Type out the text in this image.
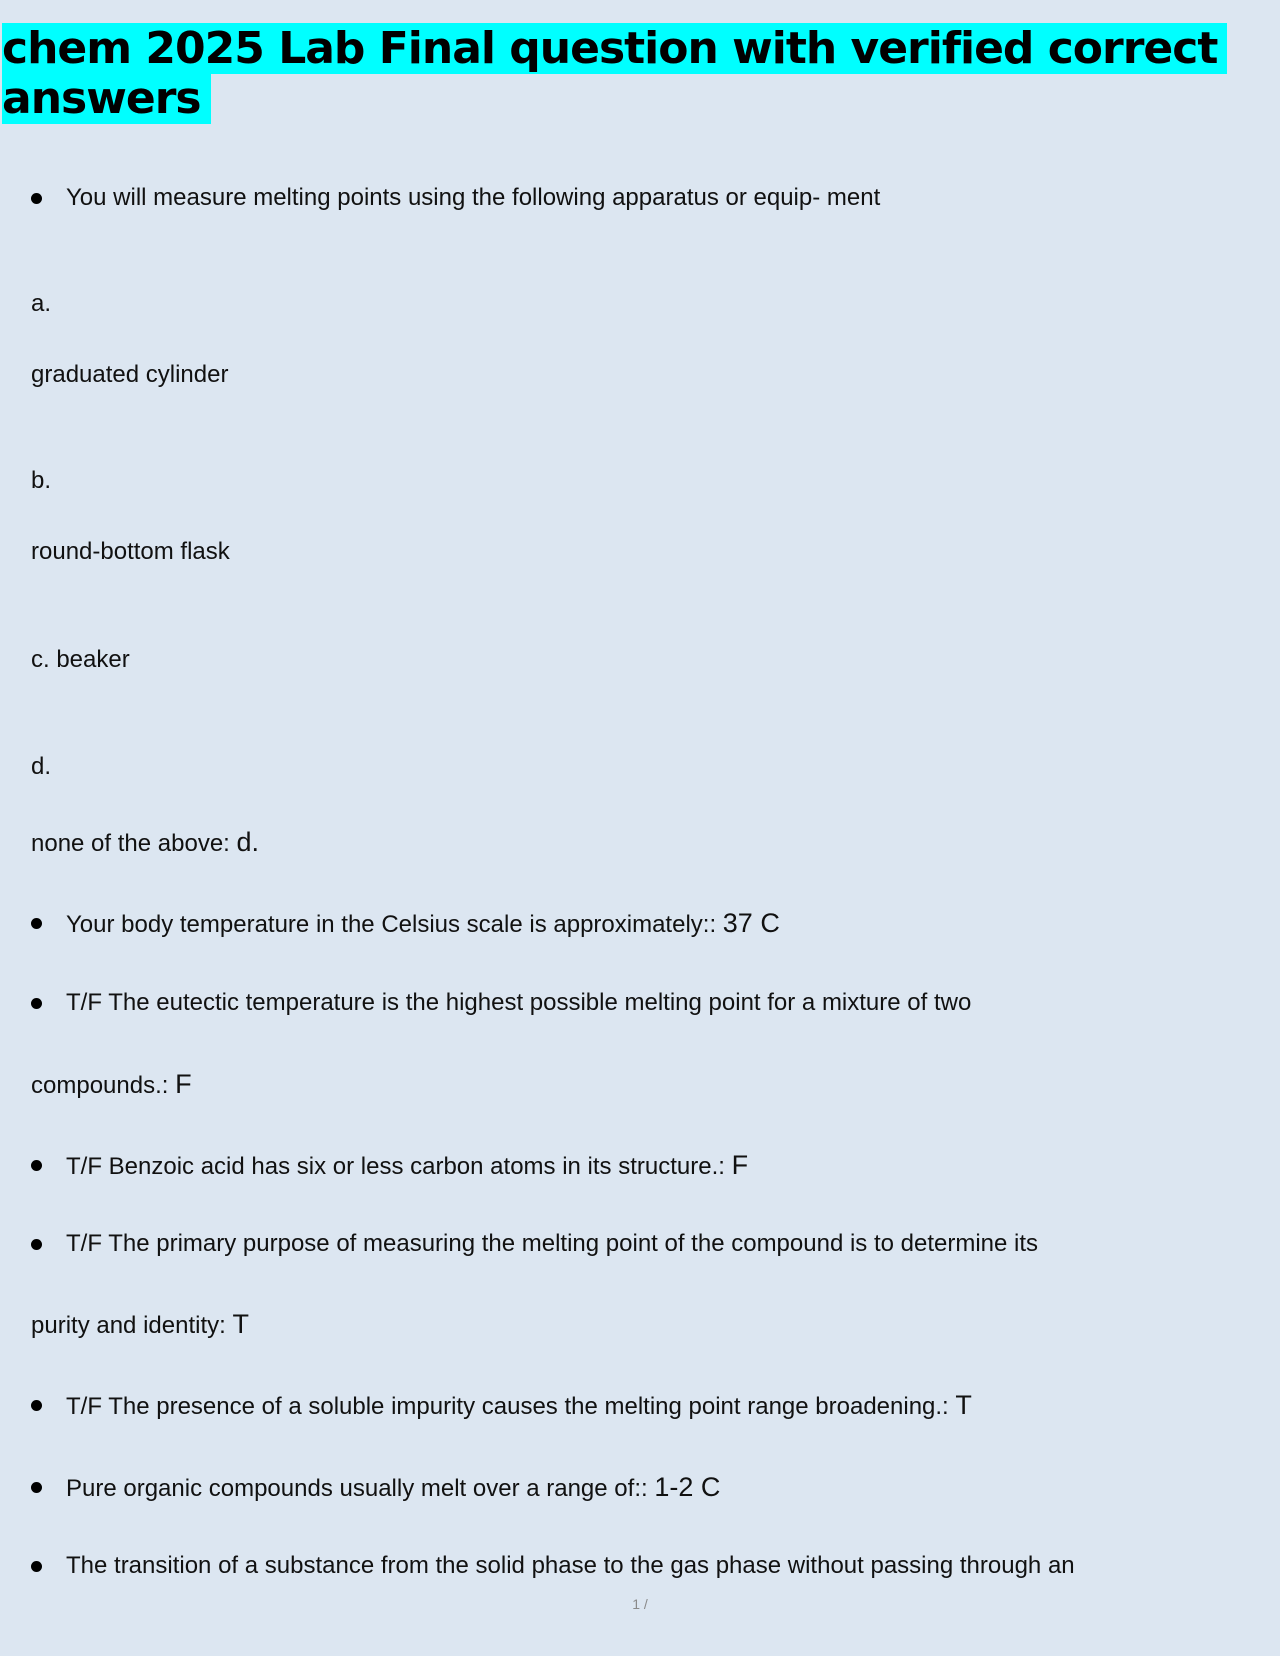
chem 2025 Lab Final question with verified correct answers
You will measure melting points using the following apparatus or equip- ment
a.
graduated cylinder
b.
round-bottom flask
c. beaker
d.
none of the above: d.
Your body temperature in the Celsius scale is approximately:: 37 C
T/F The eutectic temperature is the highest possible melting point for a mixture of two
compounds.: F
T/F Benzoic acid has six or less carbon atoms in its structure.: F
T/F The primary purpose of measuring the melting point of the compound is to determine its
purity and identity: T
T/F The presence of a soluble impurity causes the melting point range broadening.: T
Pure organic compounds usually melt over a range of:: 1-2 C
The transition of a substance from the solid phase to the gas phase without passing through an
1 /
